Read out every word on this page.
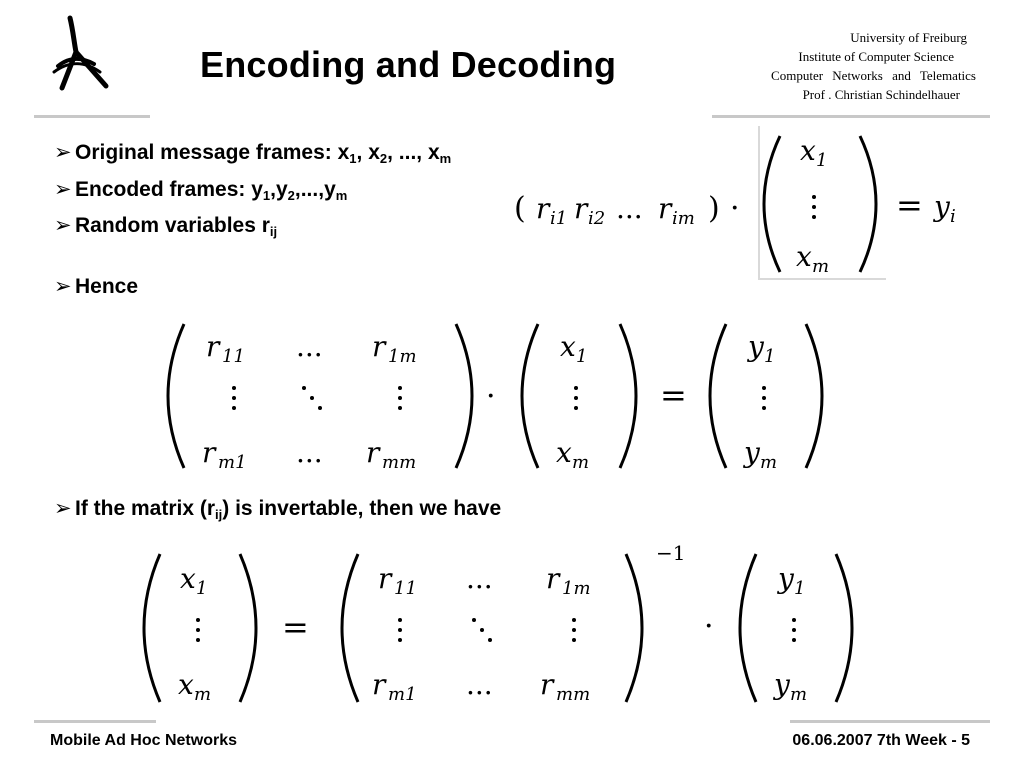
Encoding and Decoding
University of Freiburg
Institute of Computer Science
Computer Networks and Telematics
Prof . Christian Schindelhauer
➢ Original message frames: $x_1$, $x_2$, ..., $x_m$
➢ Encoded frames: $y_1,y_2,...,y_m$
➢ Random variables $r_{ij}$
➢ Hence
➢ If the matrix $(r_{ij})$ is invertable, then we have
( r i1 r i2 ... r im ) ·
x 1
x m
= y i
r 11 ... r 1m
r m1 ... r mm
·
x 1
x m
=
y 1
y m
x 1
x m
=
r 11 ... r 1m
r m1 ... r mm
−1
·
y 1
y m
Mobile Ad Hoc Networks	06.06.2007 7th Week - 5
